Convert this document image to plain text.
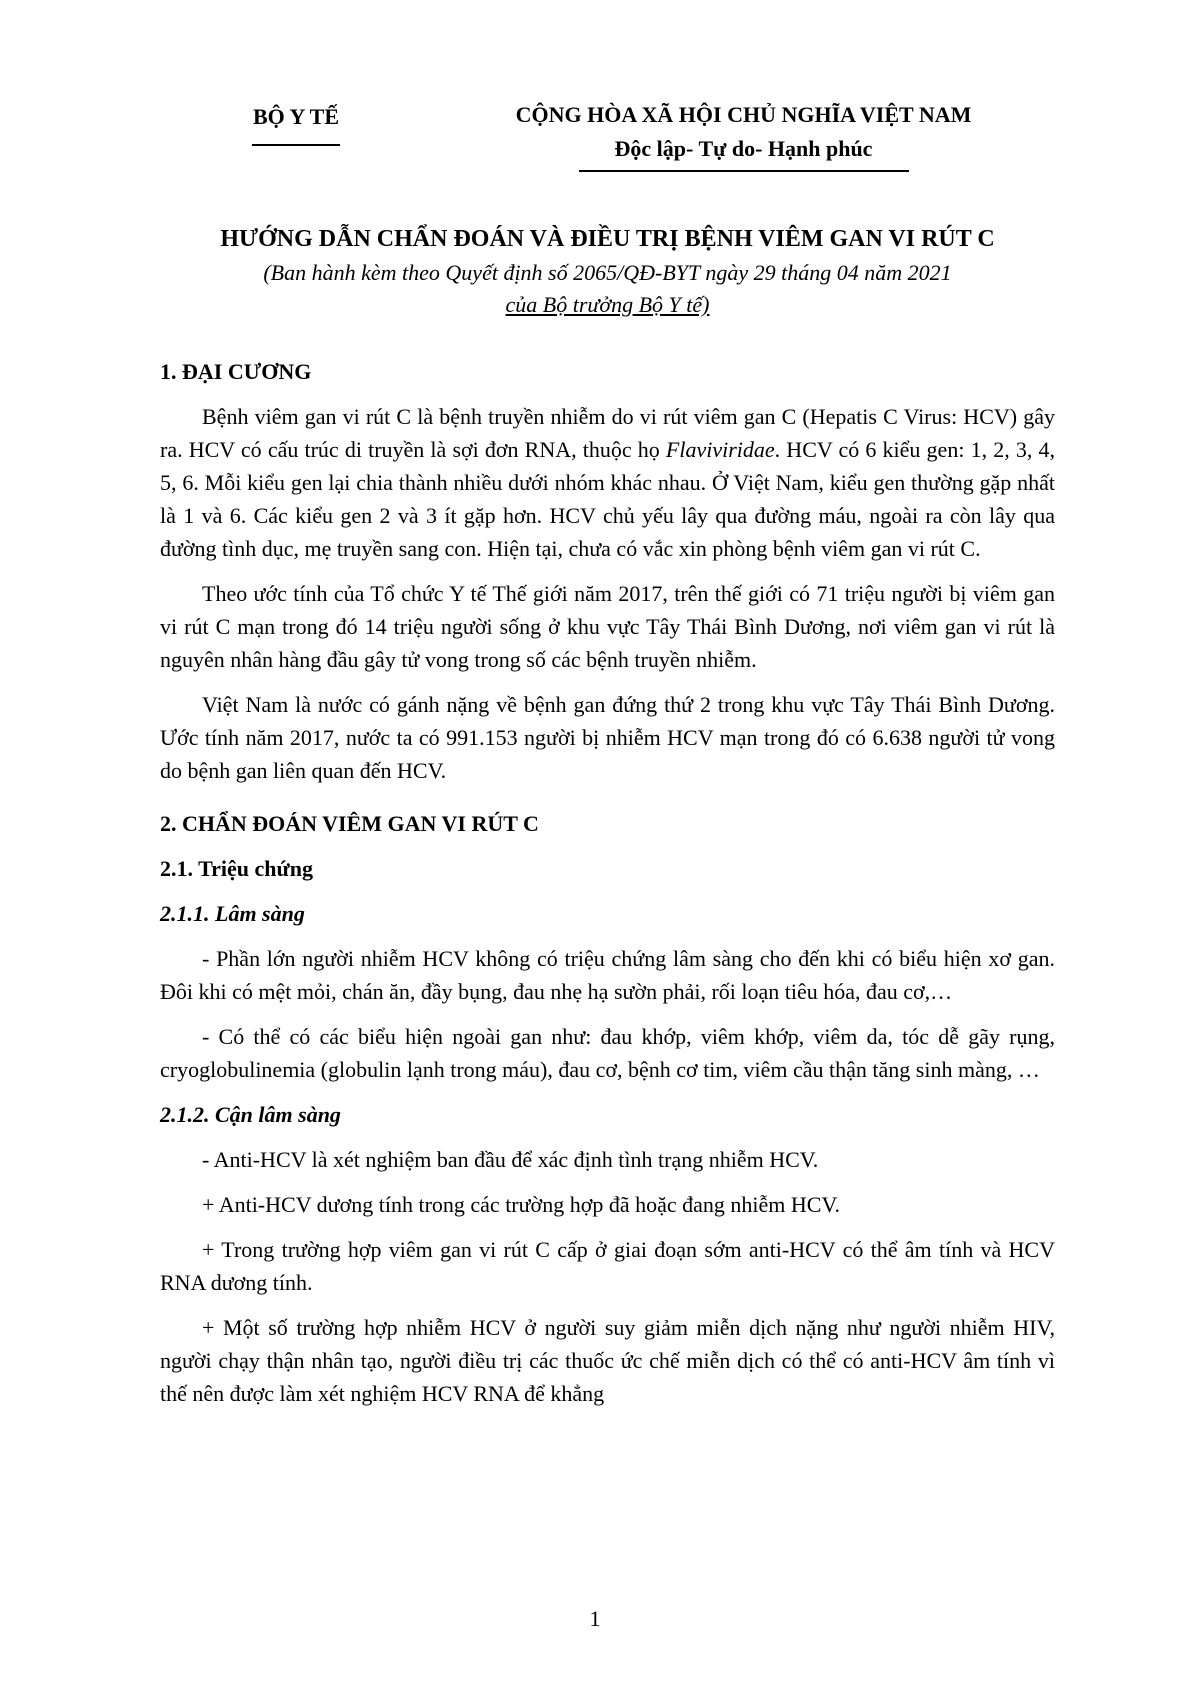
BỘ Y TẾ	CỘNG HÒA XÃ HỘI CHỦ NGHĨA VIỆT NAM
Độc lập- Tự do- Hạnh phúc
HƯỚNG DẪN CHẨN ĐOÁN VÀ ĐIỀU TRỊ BỆNH VIÊM GAN VI RÚT C
(Ban hành kèm theo Quyết định số 2065/QĐ-BYT ngày 29 tháng 04 năm 2021
của Bộ trưởng Bộ Y tế)
1. ĐẠI CƯƠNG

Bệnh viêm gan vi rút C là bệnh truyền nhiễm do vi rút viêm gan C (Hepatis C Virus: HCV) gây ra. HCV có cấu trúc di truyền là sợi đơn RNA, thuộc họ Flaviviridae. HCV có 6 kiểu gen: 1, 2, 3, 4, 5, 6. Mỗi kiểu gen lại chia thành nhiều dưới nhóm khác nhau. Ở Việt Nam, kiểu gen thường gặp nhất là 1 và 6. Các kiểu gen 2 và 3 ít gặp hơn. HCV chủ yếu lây qua đường máu, ngoài ra còn lây qua đường tình dục, mẹ truyền sang con. Hiện tại, chưa có vắc xin phòng bệnh viêm gan vi rút C.

Theo ước tính của Tổ chức Y tế Thế giới năm 2017, trên thế giới có 71 triệu người bị viêm gan vi rút C mạn trong đó 14 triệu người sống ở khu vực Tây Thái Bình Dương, nơi viêm gan vi rút là nguyên nhân hàng đầu gây tử vong trong số các bệnh truyền nhiễm.

Việt Nam là nước có gánh nặng về bệnh gan đứng thứ 2 trong khu vực Tây Thái Bình Dương. Ước tính năm 2017, nước ta có 991.153 người bị nhiễm HCV mạn trong đó có 6.638 người tử vong do bệnh gan liên quan đến HCV.

2. CHẨN ĐOÁN VIÊM GAN VI RÚT C
2.1. Triệu chứng
2.1.1. Lâm sàng

- Phần lớn người nhiễm HCV không có triệu chứng lâm sàng cho đến khi có biểu hiện xơ gan. Đôi khi có mệt mỏi, chán ăn, đầy bụng, đau nhẹ hạ sườn phải, rối loạn tiêu hóa, đau cơ,…

- Có thể có các biểu hiện ngoài gan như: đau khớp, viêm khớp, viêm da, tóc dễ gãy rụng, cryoglobulinemia (globulin lạnh trong máu), đau cơ, bệnh cơ tim, viêm cầu thận tăng sinh màng, …

2.1.2. Cận lâm sàng

- Anti-HCV là xét nghiệm ban đầu để xác định tình trạng nhiễm HCV.

+ Anti-HCV dương tính trong các trường hợp đã hoặc đang nhiễm HCV.

+ Trong trường hợp viêm gan vi rút C cấp ở giai đoạn sớm anti-HCV có thể âm tính và HCV RNA dương tính.

+ Một số trường hợp nhiễm HCV ở người suy giảm miễn dịch nặng như người nhiễm HIV, người chạy thận nhân tạo, người điều trị các thuốc ức chế miễn dịch có thể có anti-HCV âm tính vì thế nên được làm xét nghiệm HCV RNA để khẳng

1
